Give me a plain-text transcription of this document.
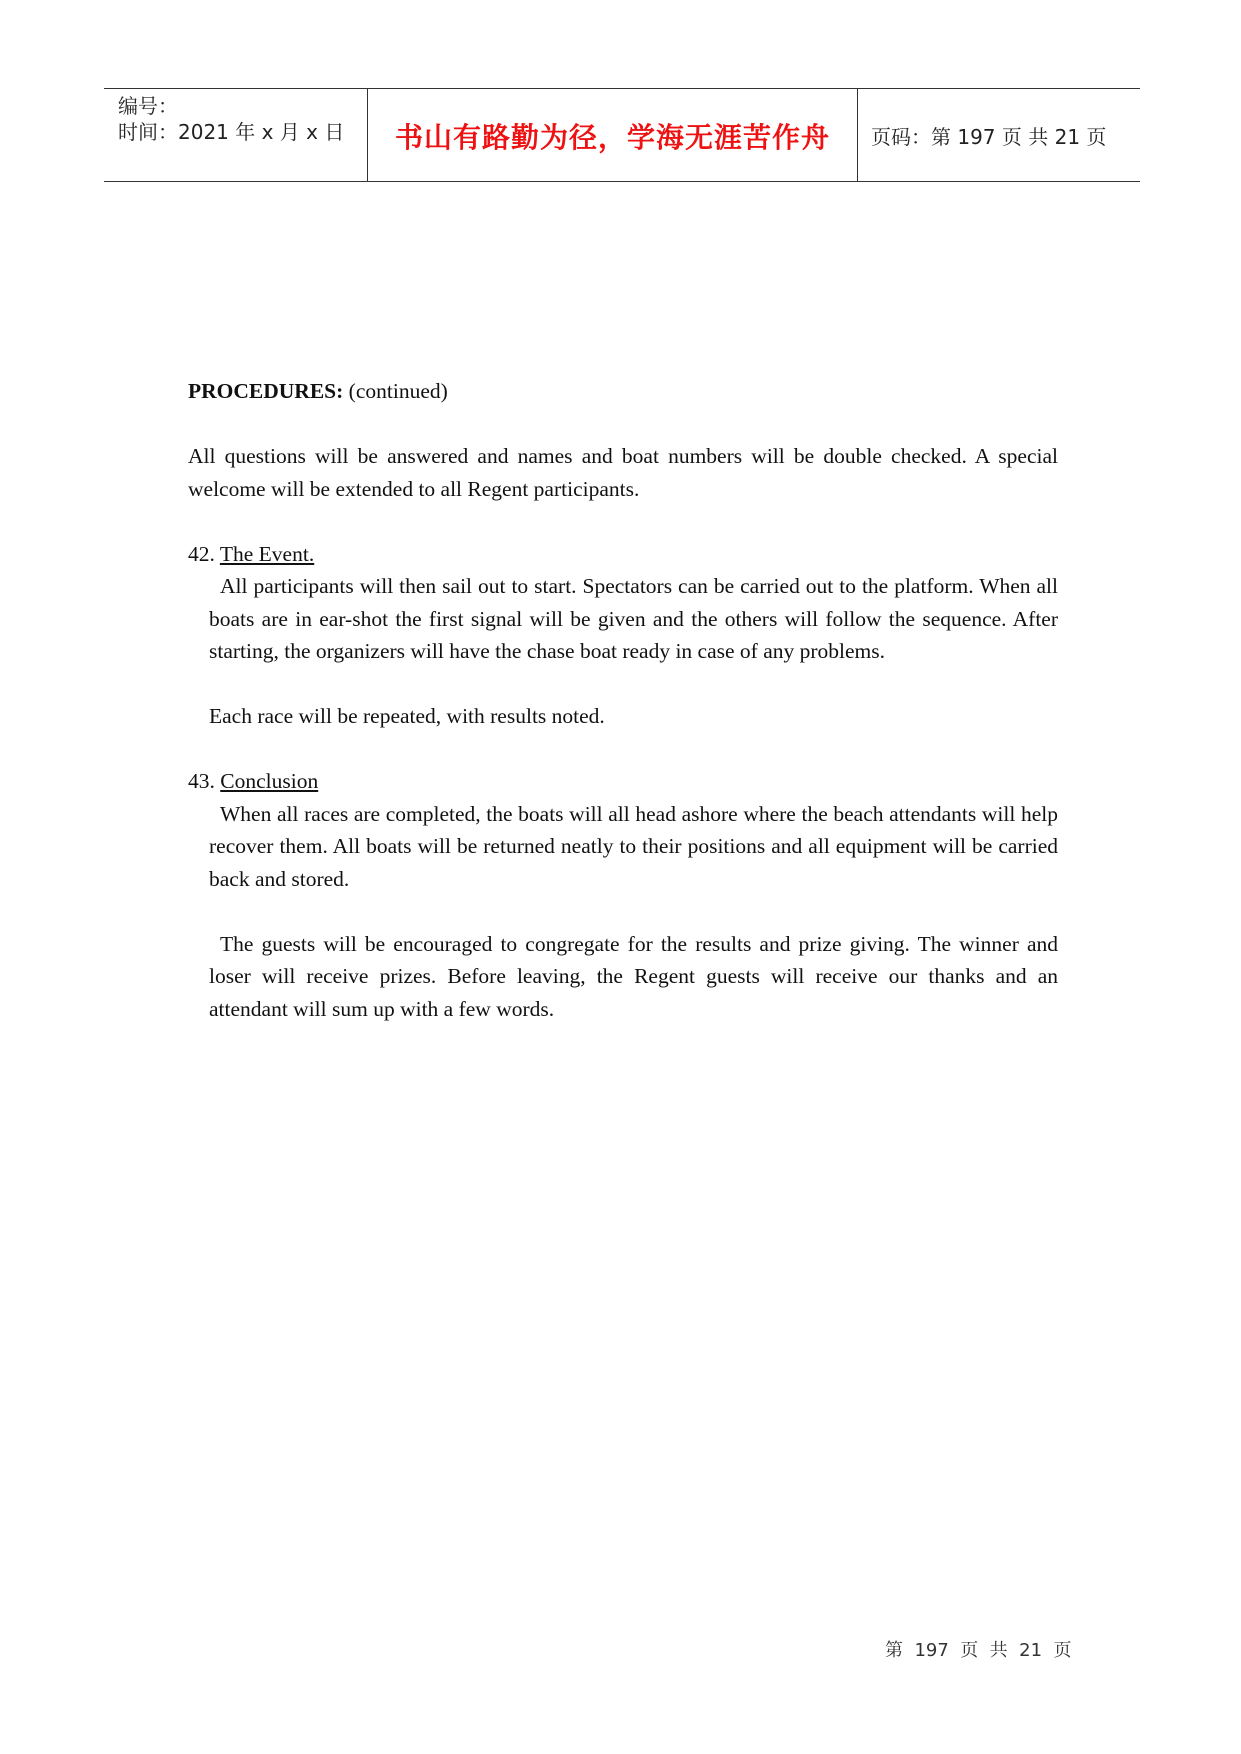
编号：
时间：2021 年 x 月 x 日	书山有路勤为径，学海无涯苦作舟 页码：第 197 页 共 21 页

PROCEDURES: (continued)

All questions will be answered and names and boat numbers will be double checked. A special welcome will be extended to all Regent participants.

42. The Event.

All participants will then sail out to start. Spectators can be carried out to the platform. When all boats are in ear-shot the first signal will be given and the others will follow the sequence. After starting, the organizers will have the chase boat ready in case of any problems.

Each race will be repeated, with results noted.

43. Conclusion

When all races are completed, the boats will all head ashore where the beach attendants will help recover them. All boats will be returned neatly to their positions and all equipment will be carried back and stored.

The guests will be encouraged to congregate for the results and prize giving. The winner and loser will receive prizes. Before leaving, the Regent guests will receive our thanks and an attendant will sum up with a few words.

第  197  页  共  21  页
